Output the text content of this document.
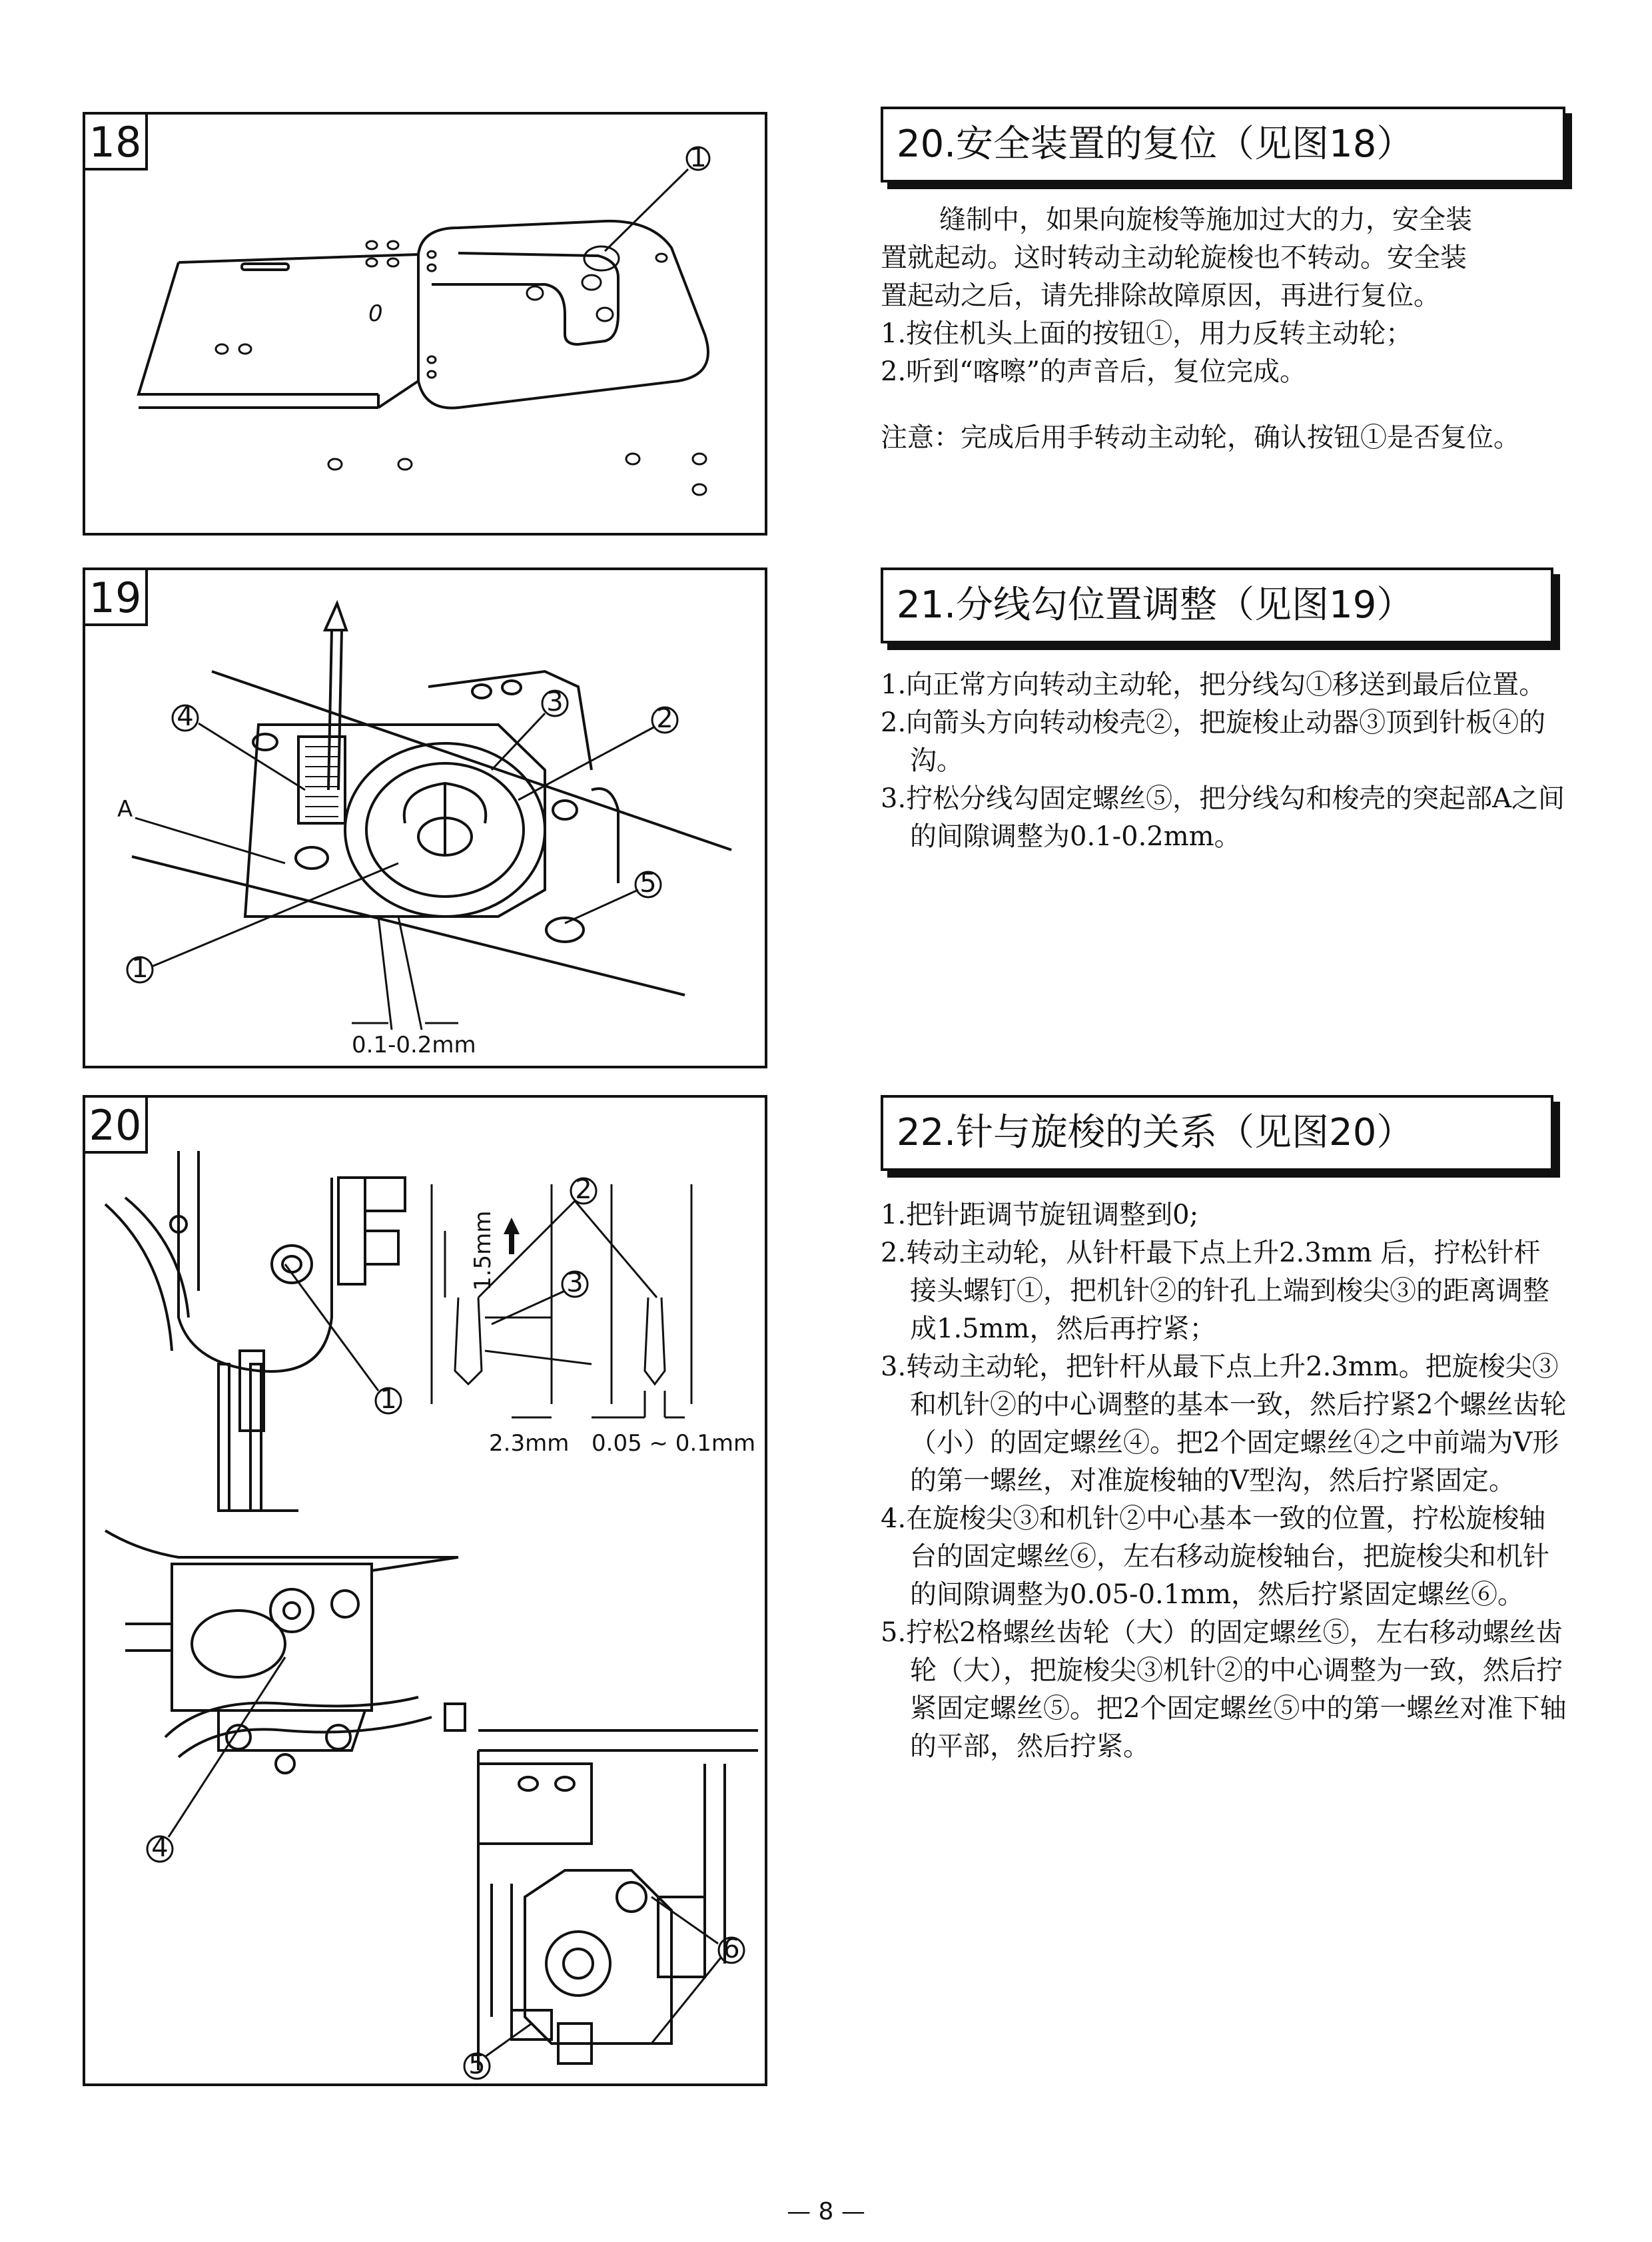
18
0
1
19
4	3
2
A
5
1
0.1-0.2mm
20
1
2
3
1.5mm
2.3mm 0.05 ~ 0.1mm
4
6
5
20.安全装置的复位（见图18）

缝制中，如果向旋梭等施加过大的力，安全装

置就起动。这时转动主动轮旋梭也不转动。安全装

置起动之后，请先排除故障原因，再进行复位。

1.按住机头上面的按钮①，用力反转主动轮；

2.听到“喀嚓”的声音后，复位完成。

注意：完成后用手转动主动轮，确认按钮①是否复位。

21.分线勾位置调整（见图19）

1.向正常方向转动主动轮，把分线勾①移送到最后位置。

2.向箭头方向转动梭壳②，把旋梭止动器③顶到针板④的沟。

3.拧松分线勾固定螺丝⑤，把分线勾和梭壳的突起部A之间的间隙调整为0.1-0.2mm。

22.针与旋梭的关系（见图20）

1.把针距调节旋钮调整到0;

2.转动主动轮，从针杆最下点上升2.3mm 后，拧松针杆接头螺钉①，把机针②的针孔上端到梭尖③的距离调整成1.5mm，然后再拧紧；

3.转动主动轮，把针杆从最下点上升2.3mm。把旋梭尖③和机针②的中心调整的基本一致，然后拧紧2个螺丝齿轮（小）的固定螺丝④。把2个固定螺丝④之中前端为V形的第一螺丝，对准旋梭轴的V型沟，然后拧紧固定。

4.在旋梭尖③和机针②中心基本一致的位置，拧松旋梭轴台的固定螺丝⑥，左右移动旋梭轴台，把旋梭尖和机针的间隙调整为0.05-0.1mm，然后拧紧固定螺丝⑥。

5.拧松2格螺丝齿轮（大）的固定螺丝⑤，左右移动螺丝齿轮（大），把旋梭尖③机针②的中心调整为一致，然后拧紧固定螺丝⑤。把2个固定螺丝⑤中的第一螺丝对准下轴的平部，然后拧紧。

— 8 —
